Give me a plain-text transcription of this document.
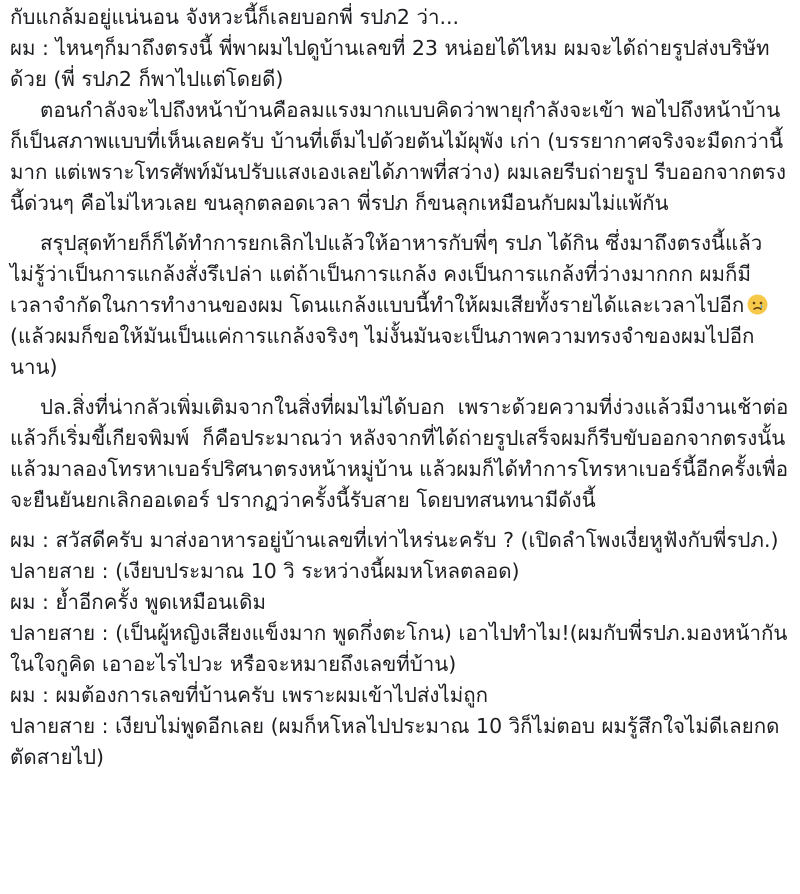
กับแกล้มอยู่แน่นอน จังหวะนี้ก็เลยบอกพี่ รปภ2 ว่า...

ผม : ไหนๆก็มาถึงตรงนี้ พี่พาผมไปดูบ้านเลขที่ 23 หน่อยได้ไหม ผมจะได้ถ่ายรูปส่งบริษัทด้วย (พี่ รปภ2 ก็พาไปแต่โดยดี)

ตอนกำลังจะไปถึงหน้าบ้านคือลมแรงมากแบบคิดว่าพายุกำลังจะเข้า พอไปถึงหน้าบ้านก็เป็นสภาพแบบที่เห็นเลยครับ บ้านที่เต็มไปด้วยต้นไม้ผุพัง เก่า (บรรยากาศจริงจะมืดกว่านี้มาก แต่เพราะโทรศัพท์มันปรับแสงเองเลยได้ภาพที่สว่าง) ผมเลยรีบถ่ายรูป รีบออกจากตรงนี้ด่วนๆ คือไม่ไหวเลย ขนลุกตลอดเวลา พี่รปภ ก็ขนลุกเหมือนกับผมไม่แพ้กัน

สรุปสุดท้ายก็ก็ได้ทำการยกเลิกไปแล้วให้อาหารกับพี่ๆ รปภ ได้กิน ซึ่งมาถึงตรงนี้แล้ว ไม่รู้ว่าเป็นการแกล้งสั่งรึเปล่า แต่ถ้าเป็นการแกล้ง คงเป็นการแกล้งที่ว่างมากกก ผมก็มีเวลาจำกัดในการทำงานของผม โดนแกล้งแบบนี้ทำให้ผมเสียทั้งรายได้และเวลาไปอีก(แล้วผมก็ขอให้มันเป็นแค่การแกล้งจริงๆ ไม่งั้นมันจะเป็นภาพความทรงจำของผมไปอีกนาน)

ปล.สิ่งที่น่ากลัวเพิ่มเติมจากในสิ่งที่ผมไม่ได้บอก  เพราะด้วยความที่ง่วงแล้วมีงานเช้าต่อแล้วก็เริ่มขี้เกียจพิมพ์  ก็คือประมาณว่า หลังจากที่ได้ถ่ายรูปเสร็จผมก็รีบขับออกจากตรงนั้นแล้วมาลองโทรหาเบอร์ปริศนาตรงหน้าหมู่บ้าน แล้วผมก็ได้ทำการโทรหาเบอร์นี้อีกครั้งเพื่อจะยืนยันยกเลิกออเดอร์ ปรากฏว่าครั้งนี้รับสาย โดยบทสนทนามีดังนี้

ผม : สวัสดีครับ มาส่งอาหารอยู่บ้านเลขที่เท่าไหร่นะครับ ? (เปิดลำโพงเงี่ยหูฟังกับพี่รปภ.)

ปลายสาย : (เงียบประมาณ 10 วิ ระหว่างนี้ผมหโหลตลอด)

ผม : ย้ำอีกครั้ง พูดเหมือนเดิม

ปลายสาย : (เป็นผู้หญิงเสียงแข็งมาก พูดกึ่งตะโกน) เอาไปทำไม!(ผมกับพี่รปภ.มองหน้ากัน ในใจกูคิด เอาอะไรไปวะ หรือจะหมายถึงเลขที่บ้าน)

ผม : ผมต้องการเลขที่บ้านครับ เพราะผมเข้าไปส่งไม่ถูก

ปลายสาย : เงียบไม่พูดอีกเลย (ผมก็หโหลไปประมาณ 10 วิก็ไม่ตอบ ผมรู้สึกใจไม่ดีเลยกดตัดสายไป)
